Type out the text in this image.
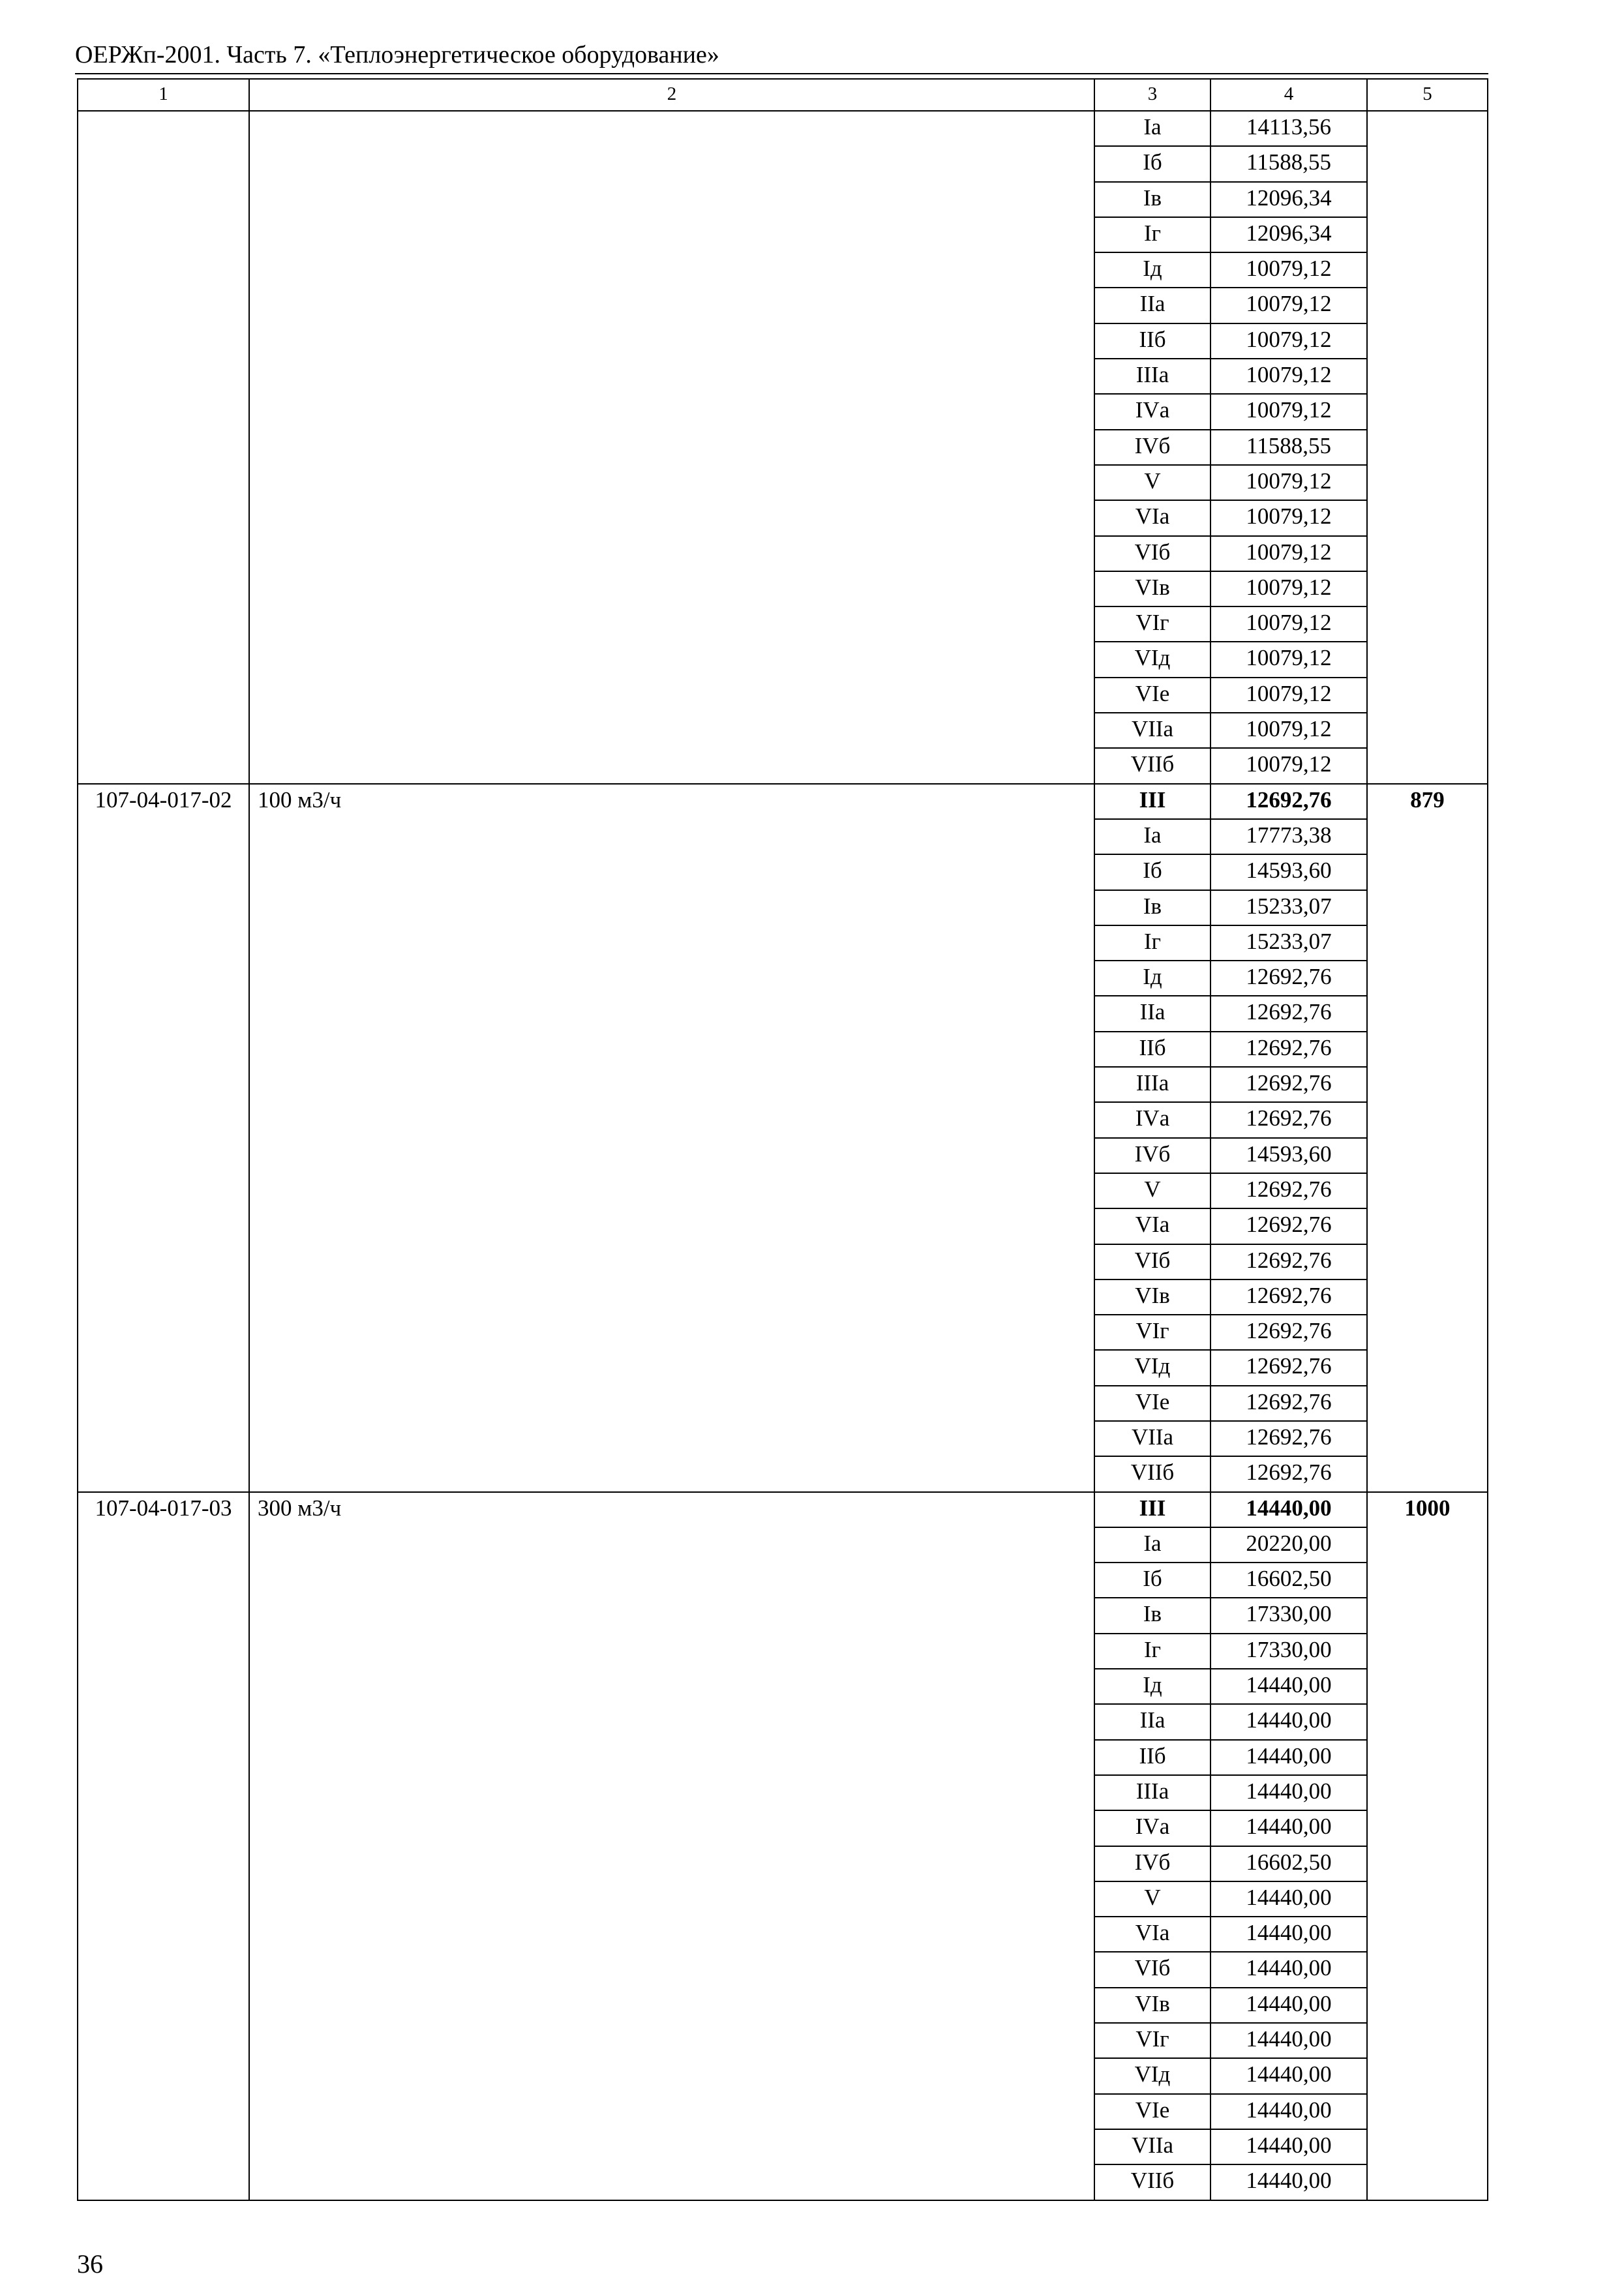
ОЕРЖп-2001. Часть 7. «Теплоэнергетическое оборудование»
1	2	3	4	5
		Iа	14113,56	
		Iб	11588,55	
		Iв	12096,34	
		Iг	12096,34	
		Iд	10079,12	
		IIа	10079,12	
		IIб	10079,12	
		IIIа	10079,12	
		IVа	10079,12	
		IVб	11588,55	
		V	10079,12	
		VIа	10079,12	
		VIб	10079,12	
		VIв	10079,12	
		VIг	10079,12	
		VIд	10079,12	
		VIе	10079,12	
		VIIа	10079,12	
		VIIб	10079,12	
107-04-017-02	100 м3/ч	III	12692,76	879
		Iа	17773,38	
		Iб	14593,60	
		Iв	15233,07	
		Iг	15233,07	
		Iд	12692,76	
		IIа	12692,76	
		IIб	12692,76	
		IIIа	12692,76	
		IVа	12692,76	
		IVб	14593,60	
		V	12692,76	
		VIа	12692,76	
		VIб	12692,76	
		VIв	12692,76	
		VIг	12692,76	
		VIд	12692,76	
		VIе	12692,76	
		VIIа	12692,76	
		VIIб	12692,76	
107-04-017-03	300 м3/ч	III	14440,00	1000
		Iа	20220,00	
		Iб	16602,50	
		Iв	17330,00	
		Iг	17330,00	
		Iд	14440,00	
		IIа	14440,00	
		IIб	14440,00	
		IIIа	14440,00	
		IVа	14440,00	
		IVб	16602,50	
		V	14440,00	
		VIа	14440,00	
		VIб	14440,00	
		VIв	14440,00	
		VIг	14440,00	
		VIд	14440,00	
		VIе	14440,00	
		VIIа	14440,00	
		VIIб	14440,00	
36
